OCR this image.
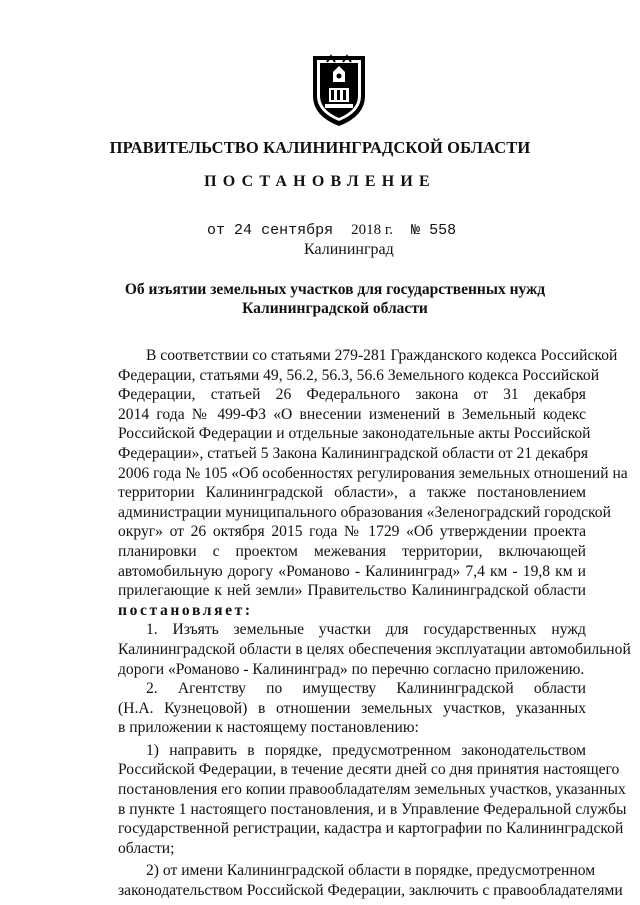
ПРАВИТЕЛЬСТВО КАЛИНИНГРАДСКОЙ ОБЛАСТИ
ПОСТАНОВЛЕНИЕ
от 24 сентября 2018 г. № 558
Калининград
Об изъятии земельных участков для государственных нужд
Калининградской области
В соответствии со статьями 279-281 Гражданского кодекса Российской
Федерации, статьями 49, 56.2, 56.3, 56.6 Земельного кодекса Российской
Федерации, статьей 26 Федерального закона от 31 декабря
2014 года № 499-ФЗ «О внесении изменений в Земельный кодекс
Российской Федерации и отдельные законодательные акты Российской
Федерации», статьей 5 Закона Калининградской области от 21 декабря
2006 года № 105 «Об особенностях регулирования земельных отношений на
территории Калининградской области», а также постановлением
администрации муниципального образования «Зеленоградский городской
округ» от 26 октября 2015 года № 1729 «Об утверждении проекта
планировки с проектом межевания территории, включающей
автомобильную дорогу «Романово - Калининград» 7,4 км - 19,8 км и
прилегающие к ней земли» Правительство Калининградской области
постановляет:
1. Изъять земельные участки для государственных нужд
Калининградской области в целях обеспечения эксплуатации автомобильной
дороги «Романово - Калининград» по перечню согласно приложению.
2. Агентству по имуществу Калининградской области
(Н.А. Кузнецовой) в отношении земельных участков, указанных
в приложении к настоящему постановлению:
1) направить в порядке, предусмотренном законодательством
Российской Федерации, в течение десяти дней со дня принятия настоящего
постановления его копии правообладателям земельных участков, указанных
в пункте 1 настоящего постановления, и в Управление Федеральной службы
государственной регистрации, кадастра и картографии по Калининградской
области;
2) от имени Калининградской области в порядке, предусмотренном
законодательством Российской Федерации, заключить с правообладателями
